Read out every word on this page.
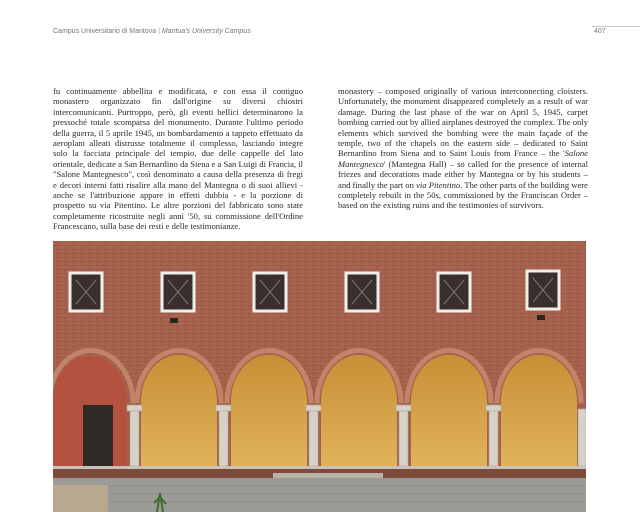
Campus Universitario di Mantova | Mantua's University Campus	407

fu continuamente abbellita e modificata, e con essa il contiguo monastero organizzato fin dall'origine su diversi chiostri intercomunicanti. Purtroppo, però, gli eventi bellici determinarono la pressoché totale scomparsa del monumento. Durante l'ultimo periodo della guerra, il 5 aprile 1945, un bombardamento a tappeto effettuato da aeroplani alleati distrusse totalmente il complesso, lasciando integre solo la facciata principale del tempio, due delle cappelle del lato orientale, dedicate a San Bernardino da Siena e a San Luigi di Francia, il "Salone Mantegnesco", così denominato a causa della presenza di fregi e decori interni fatti risalire alla mano del Mantegna o di suoi allievi - anche se l'attribuzione appare in effetti dubbia - e la porzione di prospetto su via Pitentino. Le altre porzioni del fabbricato sono state completamente ricostruite negli anni '50, su commissione dell'Ordine Francescano, sulla base dei resti e delle testimonianze.

monastery – composed originally of various interconnecting cloisters. Unfortunately, the monument disappeared completely as a result of war damage. During the last phase of the war on April 5, 1945, carpet bombing carried out by allied airplanes destroyed the complex. The only elements which survived the bombing were the main façade of the temple, two of the chapels on the eastern side – dedicated to Saint Bernardino from Siena and to Saint Louis from France – the 'Salone Mantegnesco' (Mantegna Hall) – so called for the presence of internal friezes and decorations made either by Mantegna or by his students – and finally the part on via Pitentino. The other parts of the building were completely rebuilt in the 50s, commissioned by the Franciscan Order – based on the existing ruins and the testimonies of survivors.
